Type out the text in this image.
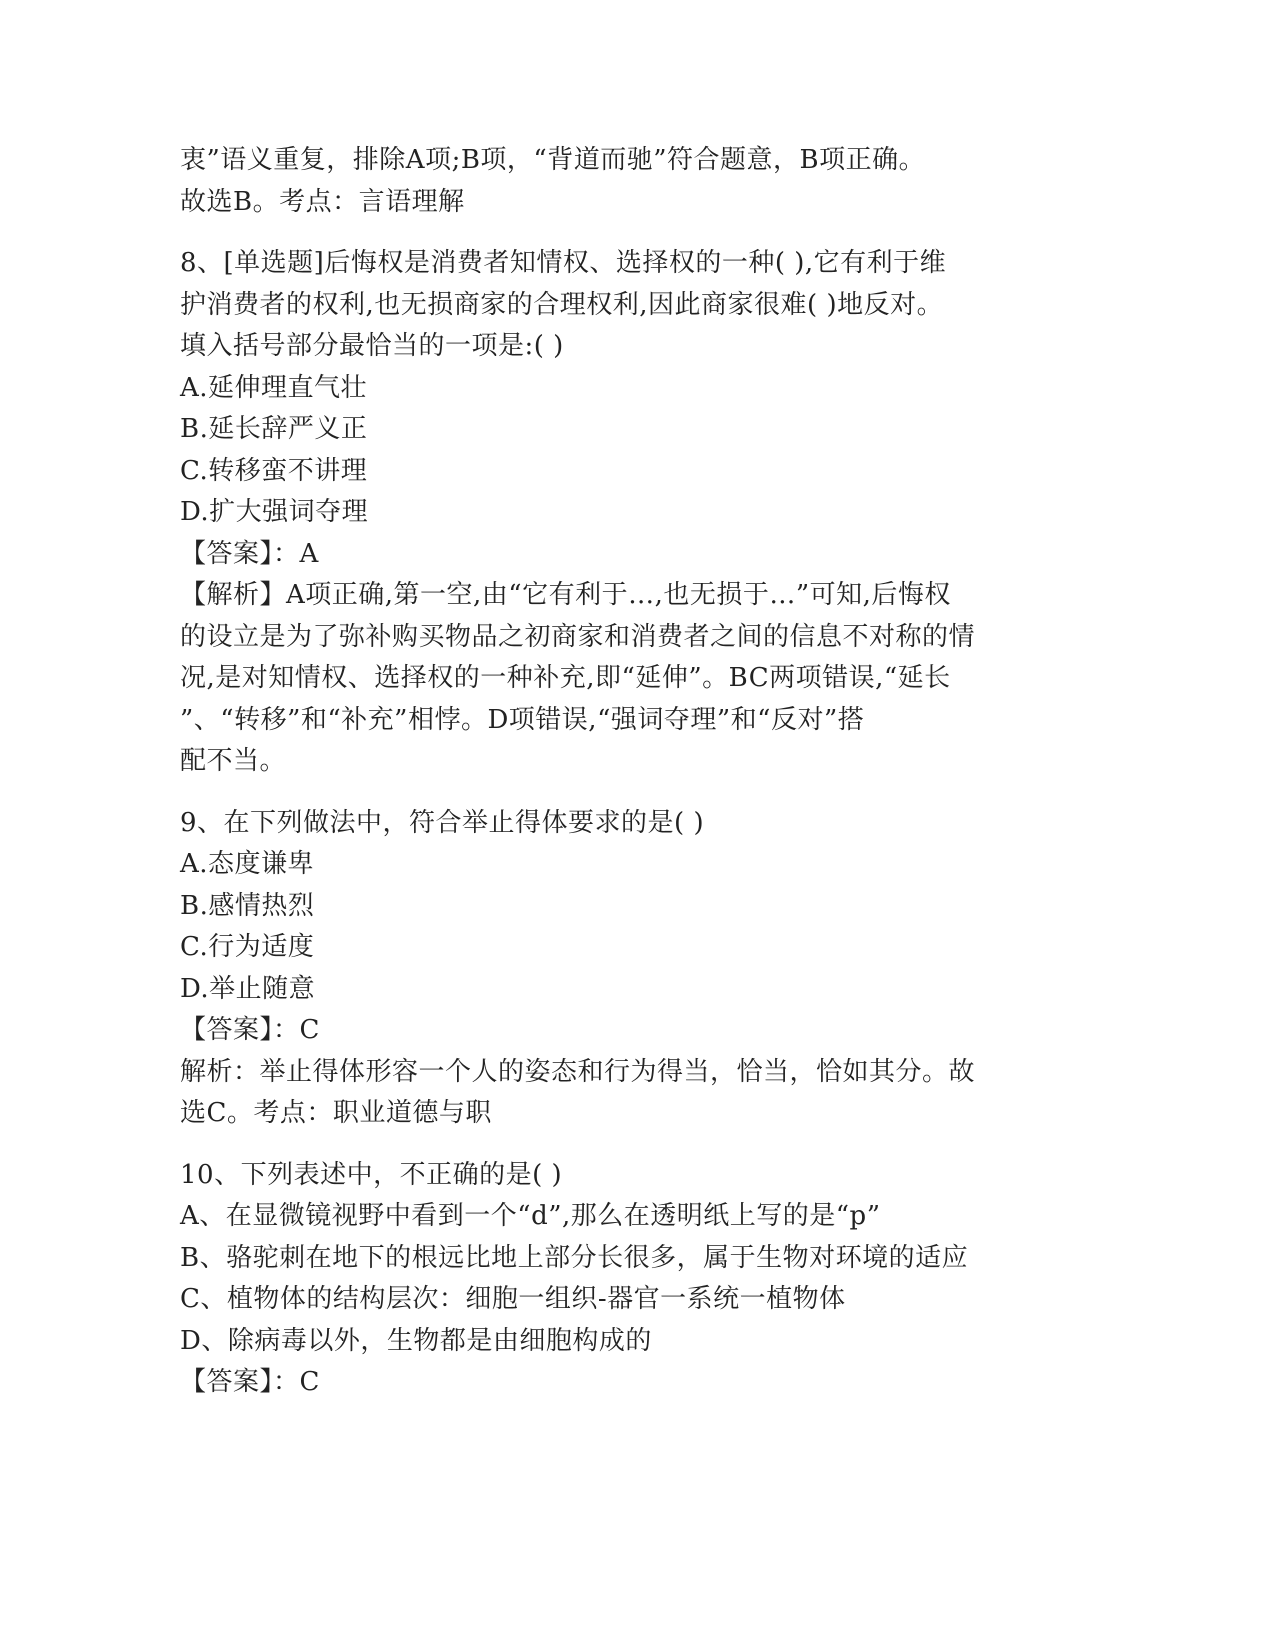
衷”语义重复，排除A项;B项，“背道而驰”符合题意，B项正确。
故选B。考点：言语理解
8、[单选题]后悔权是消费者知情权、选择权的一种( ),它有利于维
护消费者的权利,也无损商家的合理权利,因此商家很难( )地反对。
填入括号部分最恰当的一项是:( )
A.延伸理直气壮
B.延长辞严义正
C.转移蛮不讲理
D.扩大强词夺理
【答案】：A
【解析】A项正确,第一空,由“它有利于…,也无损于…”可知,后悔权
的设立是为了弥补购买物品之初商家和消费者之间的信息不对称的情
况,是对知情权、选择权的一种补充,即“延伸”。BC两项错误,“延长
”、“转移”和“补充”相悖。D项错误,“强词夺理”和“反对”搭
配不当。
9、在下列做法中，符合举止得体要求的是( )
A.态度谦卑
B.感情热烈
C.行为适度
D.举止随意
【答案】：C
解析：举止得体形容一个人的姿态和行为得当，恰当，恰如其分。故
选C。考点：职业道德与职
10、下列表述中，不正确的是( )
A、在显微镜视野中看到一个“d”,那么在透明纸上写的是“p”
B、骆驼刺在地下的根远比地上部分长很多，属于生物对环境的适应
C、植物体的结构层次：细胞一组织-器官一系统一植物体
D、除病毒以外，生物都是由细胞构成的
【答案】：C
